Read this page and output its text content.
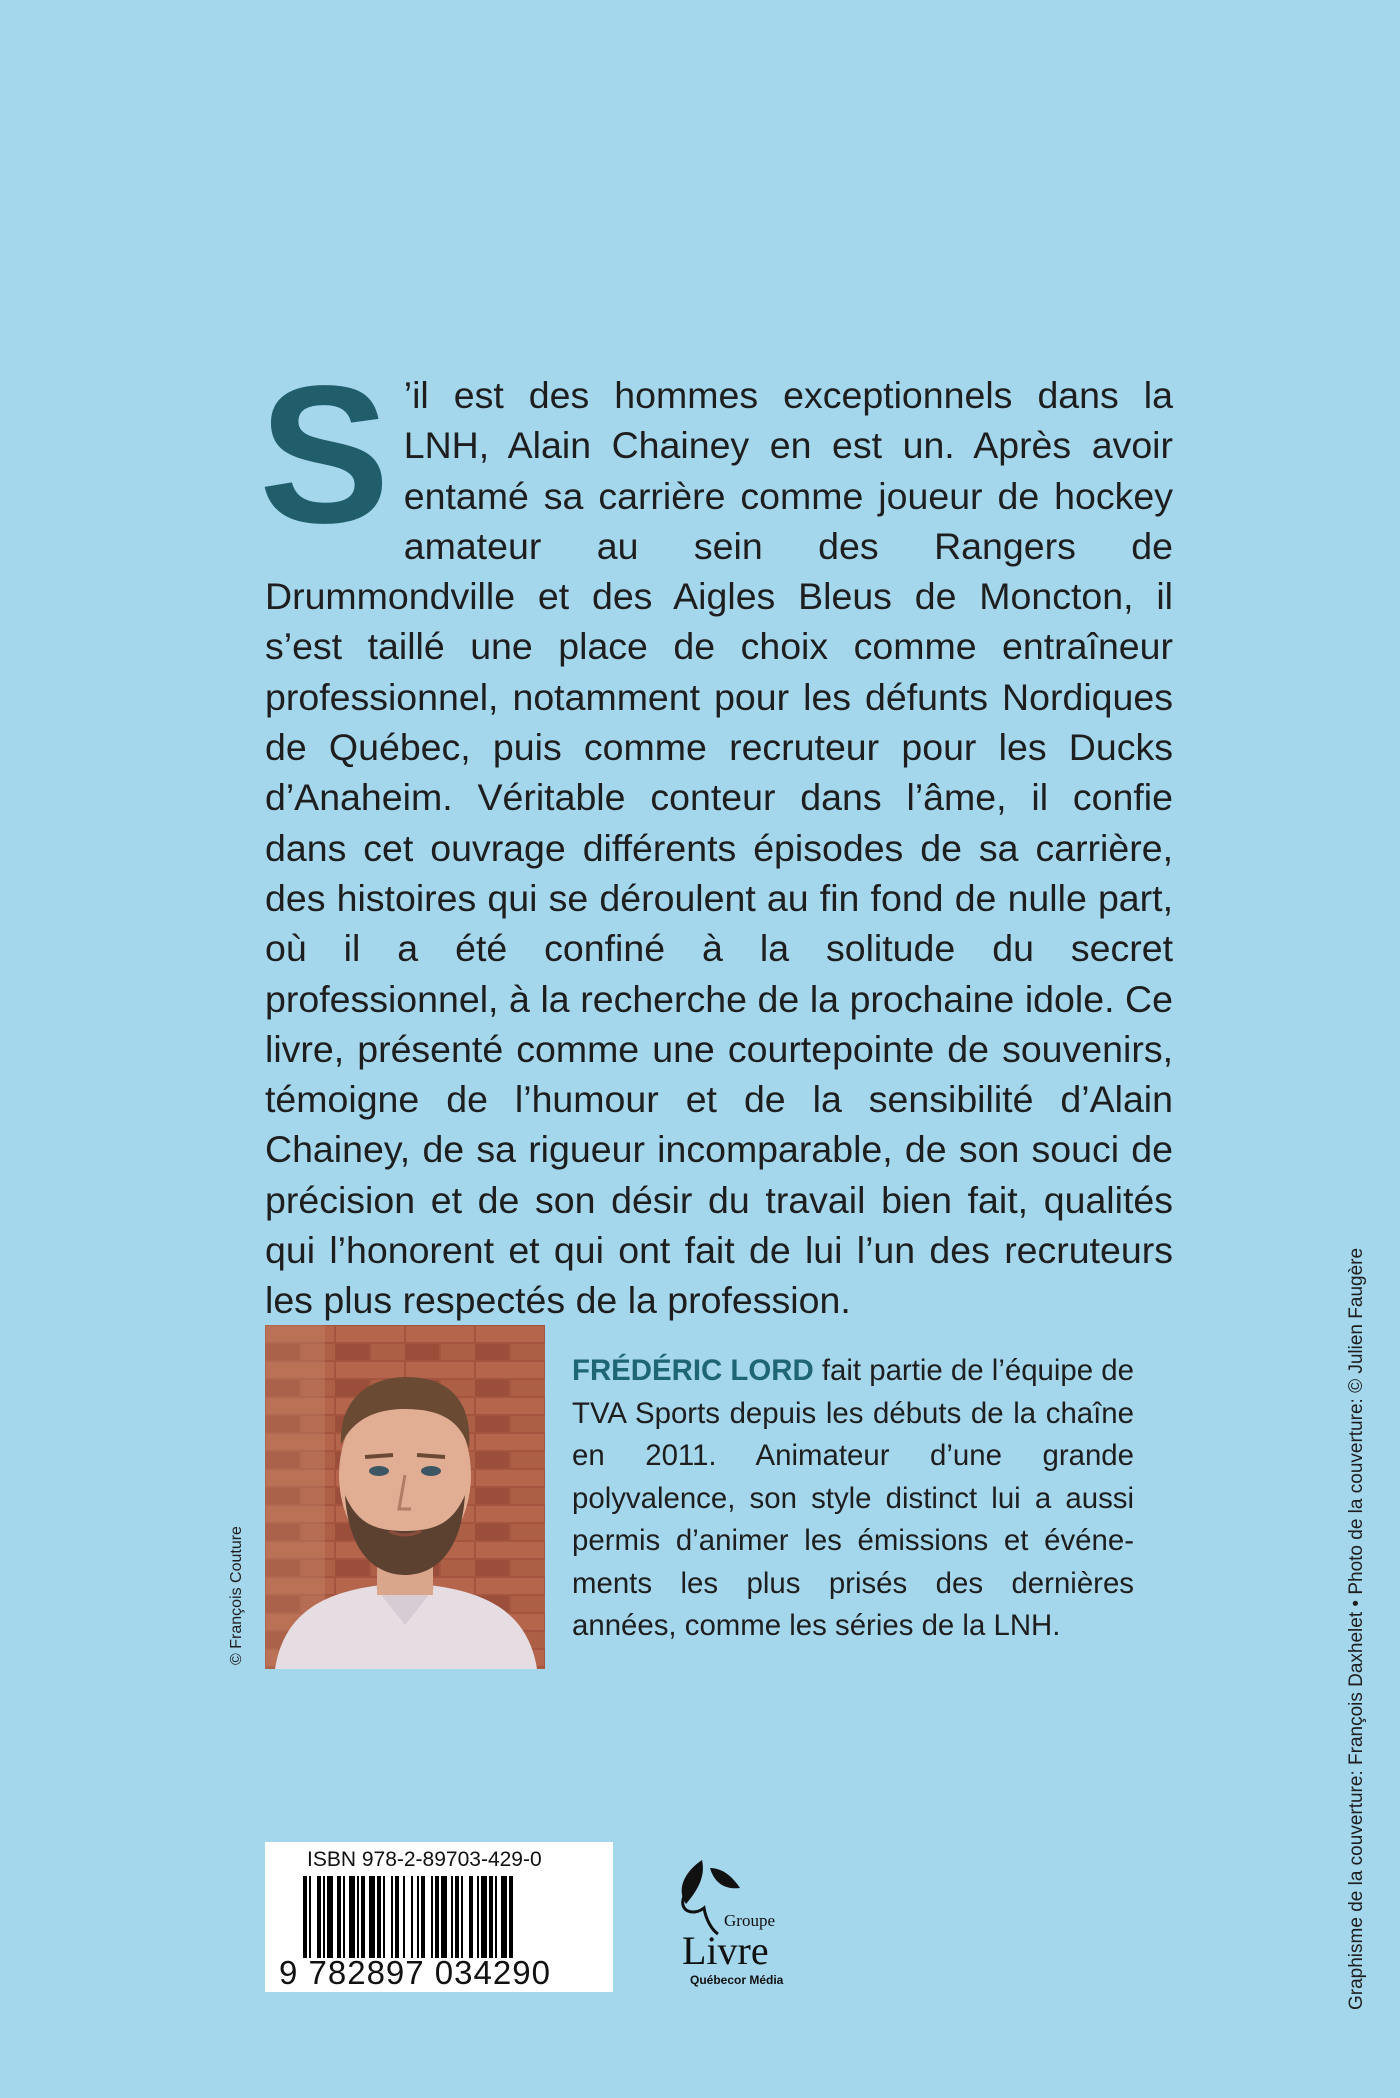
S ’il est des hommes exceptionnels dans la LNH, Alain Chainey en est un. Après avoir entamé sa carrière comme joueur de hockey amateur au sein des Rangers de Drummondville et des Aigles Bleus de Moncton, il s’est taillé une place de choix comme entraîneur professionnel, notamment pour les défunts Nordiques de Québec, puis comme recruteur pour les Ducks d’Anaheim. Véritable conteur dans l’âme, il confie dans cet ouvrage différents épisodes de sa carrière, des histoires qui se déroulent au fin fond de nulle part, où il a été confiné à la solitude du secret professionnel, à la recherche de la prochaine idole. Ce livre, présenté comme une courtepointe de souvenirs, témoigne de l’humour et de la sensibilité d’Alain Chainey, de sa rigueur incomparable, de son souci de précision et de son désir du travail bien fait, qualités qui l’honorent et qui ont fait de lui l’un des recruteurs les plus respectés de la profession.
© François Couture
FRÉDÉRIC LORD fait partie de l’équipe de TVA Sports depuis les débuts de la chaîne en 2011. Animateur d’une grande polyvalence, son style distinct lui a aussi permis d’animer les émissions et événements les plus prisés des dernières années, comme les séries de la LNH.
ISBN 978-2-89703-429-0
9 782897 034290
Groupe
Livre
Québecor Média	Graphisme de la couverture: François Daxhelet • Photo de la couverture: © Julien Faugère
